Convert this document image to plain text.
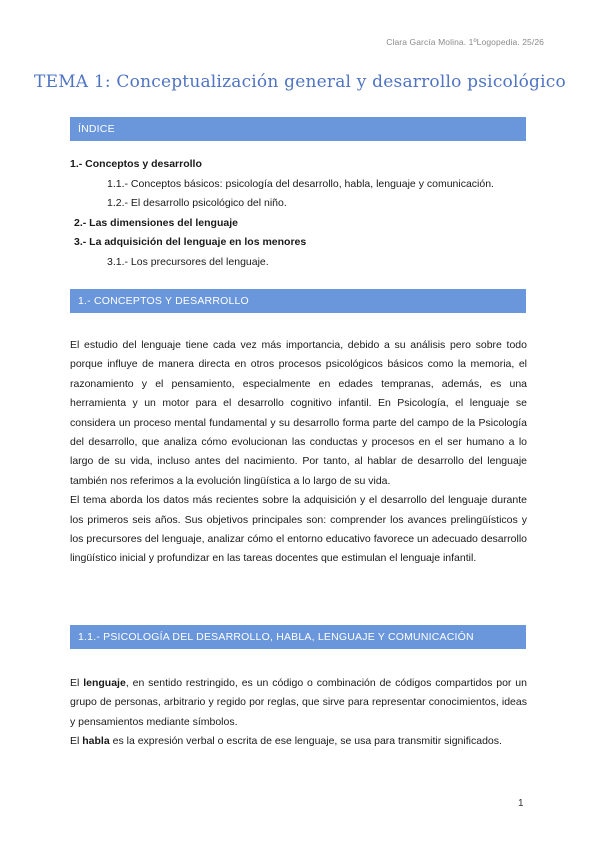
Clara García Molina. 1ºLogopedia. 25/26
TEMA 1: Conceptualización general y desarrollo psicológico
ÍNDICE
1.- Conceptos y desarrollo
1.1.- Conceptos básicos: psicología del desarrollo, habla, lenguaje y comunicación.
1.2.- El desarrollo psicológico del niño.
2.- Las dimensiones del lenguaje
3.- La adquisición del lenguaje en los menores
3.1.- Los precursores del lenguaje.
1.- CONCEPTOS Y DESARROLLO

El estudio del lenguaje tiene cada vez más importancia, debido a su análisis pero sobre todo porque influye de manera directa en otros procesos psicológicos básicos como la memoria, el razonamiento y el pensamiento, especialmente en edades tempranas, además, es una herramienta y un motor para el desarrollo cognitivo infantil. En Psicología, el lenguaje se considera un proceso mental fundamental y su desarrollo forma parte del campo de la Psicología del desarrollo, que analiza cómo evolucionan las conductas y procesos en el ser humano a lo largo de su vida, incluso antes del nacimiento. Por tanto, al hablar de desarrollo del lenguaje también nos referimos a la evolución lingüística a lo largo de su vida.

El tema aborda los datos más recientes sobre la adquisición y el desarrollo del lenguaje durante los primeros seis años. Sus objetivos principales son: comprender los avances prelingüísticos y los precursores del lenguaje, analizar cómo el entorno educativo favorece un adecuado desarrollo lingüístico inicial y profundizar en las tareas docentes que estimulan el lenguaje infantil.

1.1.- PSICOLOGÍA DEL DESARROLLO, HABLA, LENGUAJE Y COMUNICACIÓN

El lenguaje, en sentido restringido, es un código o combinación de códigos compartidos por un grupo de personas, arbitrario y regido por reglas, que sirve para representar conocimientos, ideas y pensamientos mediante símbolos.

El habla es la expresión verbal o escrita de ese lenguaje, se usa para transmitir significados.

1
